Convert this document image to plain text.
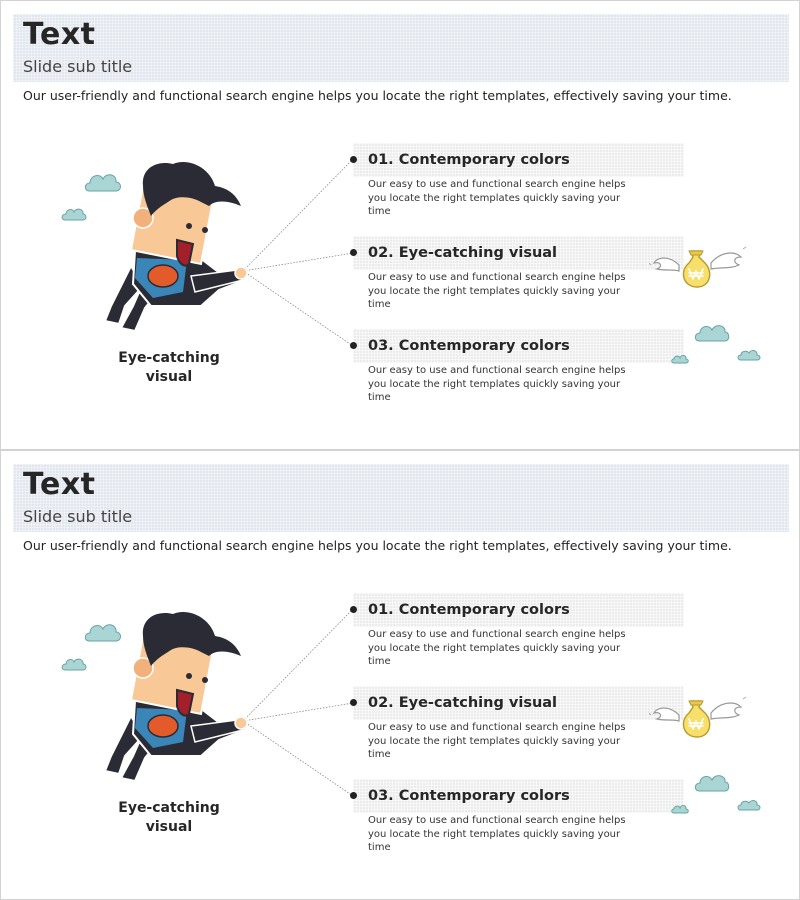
Text

Slide sub title

Our user-friendly and functional search engine helps you locate the right templates, effectively saving your time.

01. Contemporary colors

Our easy to use and functional search engine helps you locate the right templates quickly saving your time

02. Eye-catching visual

Our easy to use and functional search engine helps you locate the right templates quickly saving your time

03. Contemporary colors

Our easy to use and functional search engine helps you locate the right templates quickly saving your time

Eye-catching
visual

Text

Slide sub title

Our user-friendly and functional search engine helps you locate the right templates, effectively saving your time.

01. Contemporary colors

Our easy to use and functional search engine helps you locate the right templates quickly saving your time

02. Eye-catching visual

Our easy to use and functional search engine helps you locate the right templates quickly saving your time

03. Contemporary colors

Our easy to use and functional search engine helps you locate the right templates quickly saving your time

Eye-catching
visual
